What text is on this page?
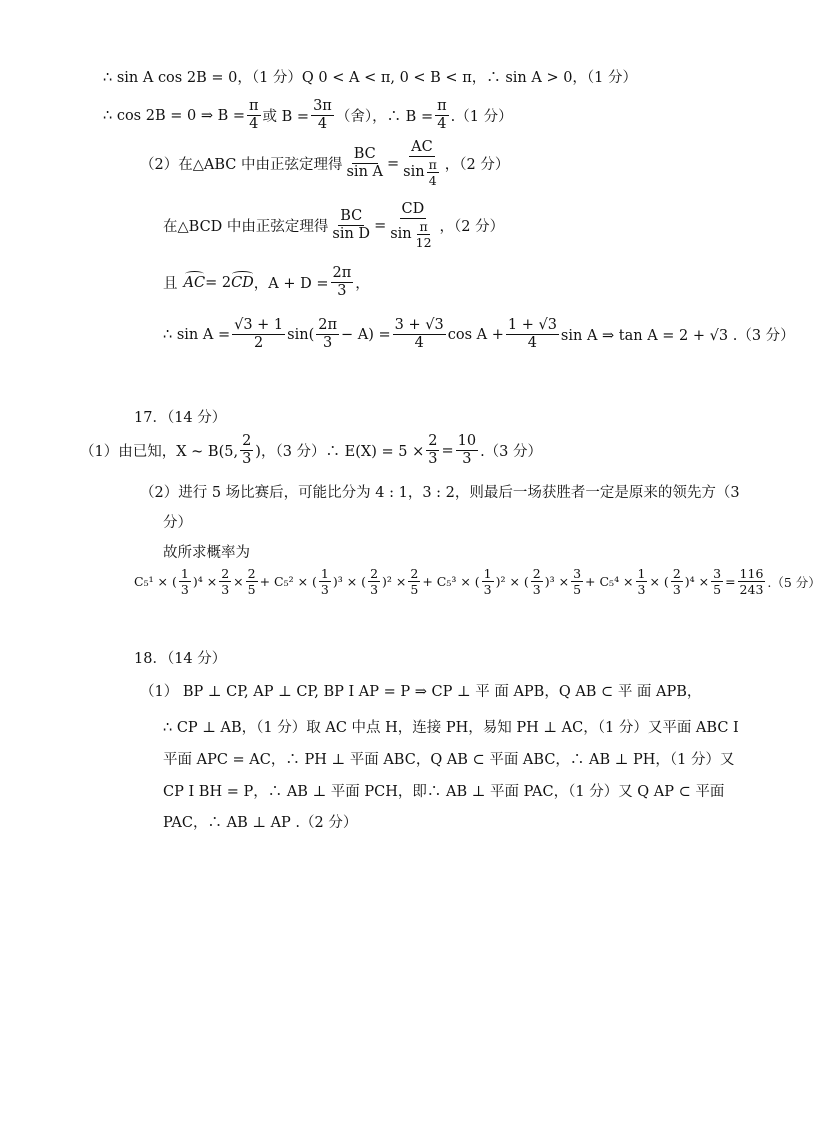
∴ sin A cos 2B = 0，（1 分）Q 0 < A < π, 0 < B < π，∴ sin A > 0，（1 分）
∴ cos 2B = 0 ⇒ $B = \frac{\pi}{4}$ 或 $B = \frac{3\pi}{4}$ （舍），∴ $B = \frac{\pi}{4} .(1$ 分）
（2）在△ABC 中由正弦定理得 $\frac{BC}{\text{sin A}} = \frac{AC}{\sin \frac{\pi}{4}}$ ，（2 分）
在△BCD 中由正弦定理得 $\frac{BC}{\text{sin D}} = \frac{CD}{\sin \frac{\pi}{12}}$ ，（2 分）
且 AC = 2 CD ，$A + D = \frac{2\pi}{3}$ ，
∴ $\sin A = \frac{√3 + 1}{2} \sin( \frac{2\pi}{3} - A) = \frac{3 + √3}{4}$ $\cos A + \frac{1 + √3}{4}$ sin A ⇒ tan A = 2 + √3 .（3 分）
17．（14 分）
（1）由已知，X ~ B(5, $\frac{2}{3}$ )，（3 分）∴ $E(X) = 5 \times \frac{2}{3} = \frac{10}{3} .(3$ 分）
（2）进行 5 场比赛后，可能比分为 4 : 1，3 : 2，则最后一场获胜者一定是原来的领先方（3
分）
故所求概率为
C₅¹ × ( $\frac{1}{3} )^4 \times \frac{2}{3} \times \frac{2}{5} + C_5^2$ × ( $\frac{1}{3} )^3$ × ( $\frac{2}{3} )^2 \times \frac{2}{5} + C_5^3$ × ( $\frac{1}{3} )^2$ × ( $\frac{2}{3} )^3 \times \frac{3}{5} + C_5^4 \times \frac{1}{3}$ × ( $\frac{2}{3} )^4 \times \frac{3}{5} = \frac{116}{243} .(5$ 分）
18．（14 分）
（1） BP ⊥ CP, AP ⊥ CP, BP I AP = P ⇒ CP ⊥ 平 面 APB，Q AB ⊂ 平 面 APB，
∴ CP ⊥ AB，（1 分）取 AC 中点 H，连接 PH，易知 PH ⊥ AC，（1 分）又平面 ABC I
平面 APC = AC，∴ PH ⊥ 平面 ABC，Q AB ⊂ 平面 ABC，∴ AB ⊥ PH，（1 分）又
CP I BH = P，∴ AB ⊥ 平面 PCH，即∴ AB ⊥ 平面 PAC，（1 分）又 Q AP ⊂ 平面
PAC，∴ AB ⊥ AP .（2 分）
